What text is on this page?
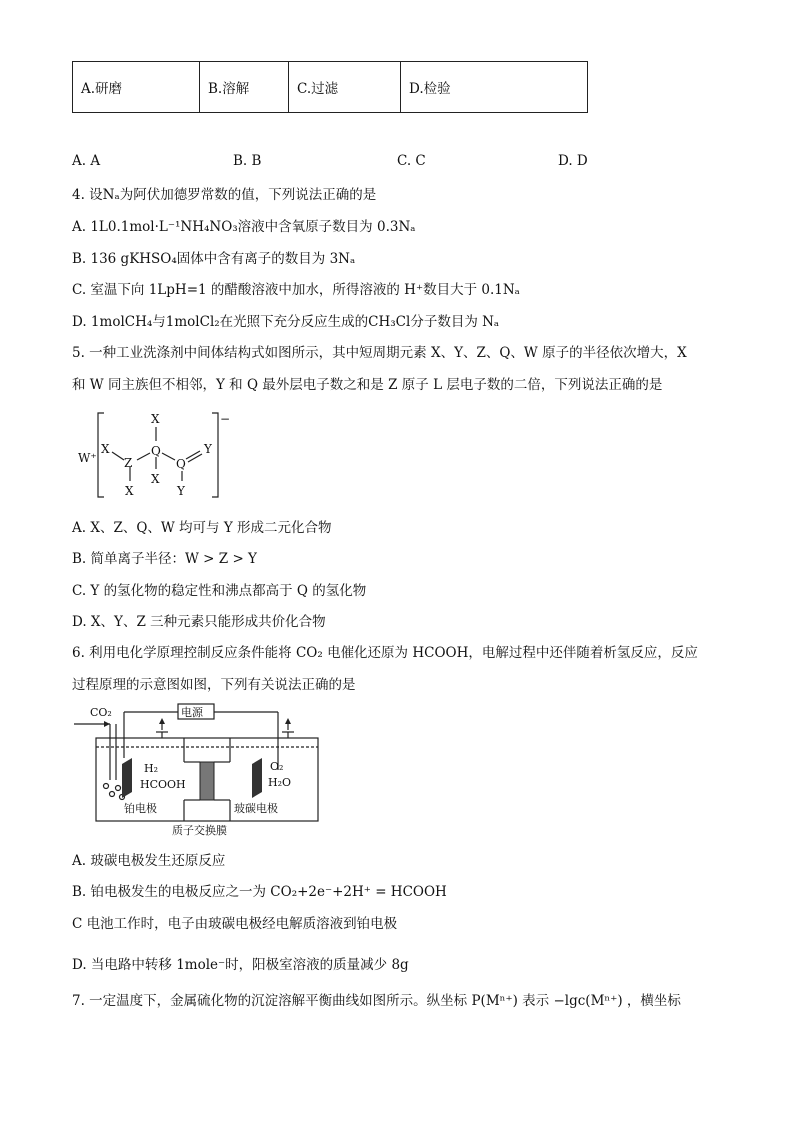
A.研磨	B.溶解	C.过滤	D.检验
A. A	B. B	C. C	D. D
4. 设Nₐ为阿伏加德罗常数的值，下列说法正确的是
A. 1L0.1mol·L⁻¹NH₄NO₃溶液中含氧原子数目为 0.3Nₐ
B. 136 gKHSO₄固体中含有离子的数目为 3Nₐ
C. 室温下向 1LpH=1 的醋酸溶液中加水，所得溶液的 H⁺数目大于 0.1Nₐ
D. 1molCH₄与1molCl₂在光照下充分反应生成的CH₃Cl分子数目为 Nₐ
5. 一种工业洗涤剂中间体结构式如图所示，其中短周期元素 X、Y、Z、Q、W 原子的半径依次增大，X
和 W 同主族但不相邻，Y 和 Q 最外层电子数之和是 Z 原子 L 层电子数的二倍，下列说法正确的是
W⁺
X
X
Z
Q
Q
Y
X
X	Y
−
A. X、Z、Q、W 均可与 Y 形成二元化合物
B. 简单离子半径：W > Z > Y
C. Y 的氢化物的稳定性和沸点都高于 Q 的氢化物
D. X、Y、Z 三种元素只能形成共价化合物
6. 利用电化学原理控制反应条件能将 CO₂ 电催化还原为 HCOOH，电解过程中还伴随着析氢反应，反应
过程原理的示意图如图，下列有关说法正确的是
CO₂	电源
H₂
HCOOH
O₂
H₂O
铂电极	玻碳电极
质子交换膜
A. 玻碳电极发生还原反应
B. 铂电极发生的电极反应之一为 CO₂+2e⁻+2H⁺ = HCOOH
C 电池工作时，电子由玻碳电极经电解质溶液到铂电极
D. 当电路中转移 1mole⁻时，阳极室溶液的质量减少 8g
7. 一定温度下，金属硫化物的沉淀溶解平衡曲线如图所示。纵坐标 P(Mⁿ⁺) 表示 −lgc(Mⁿ⁺) ，横坐标
